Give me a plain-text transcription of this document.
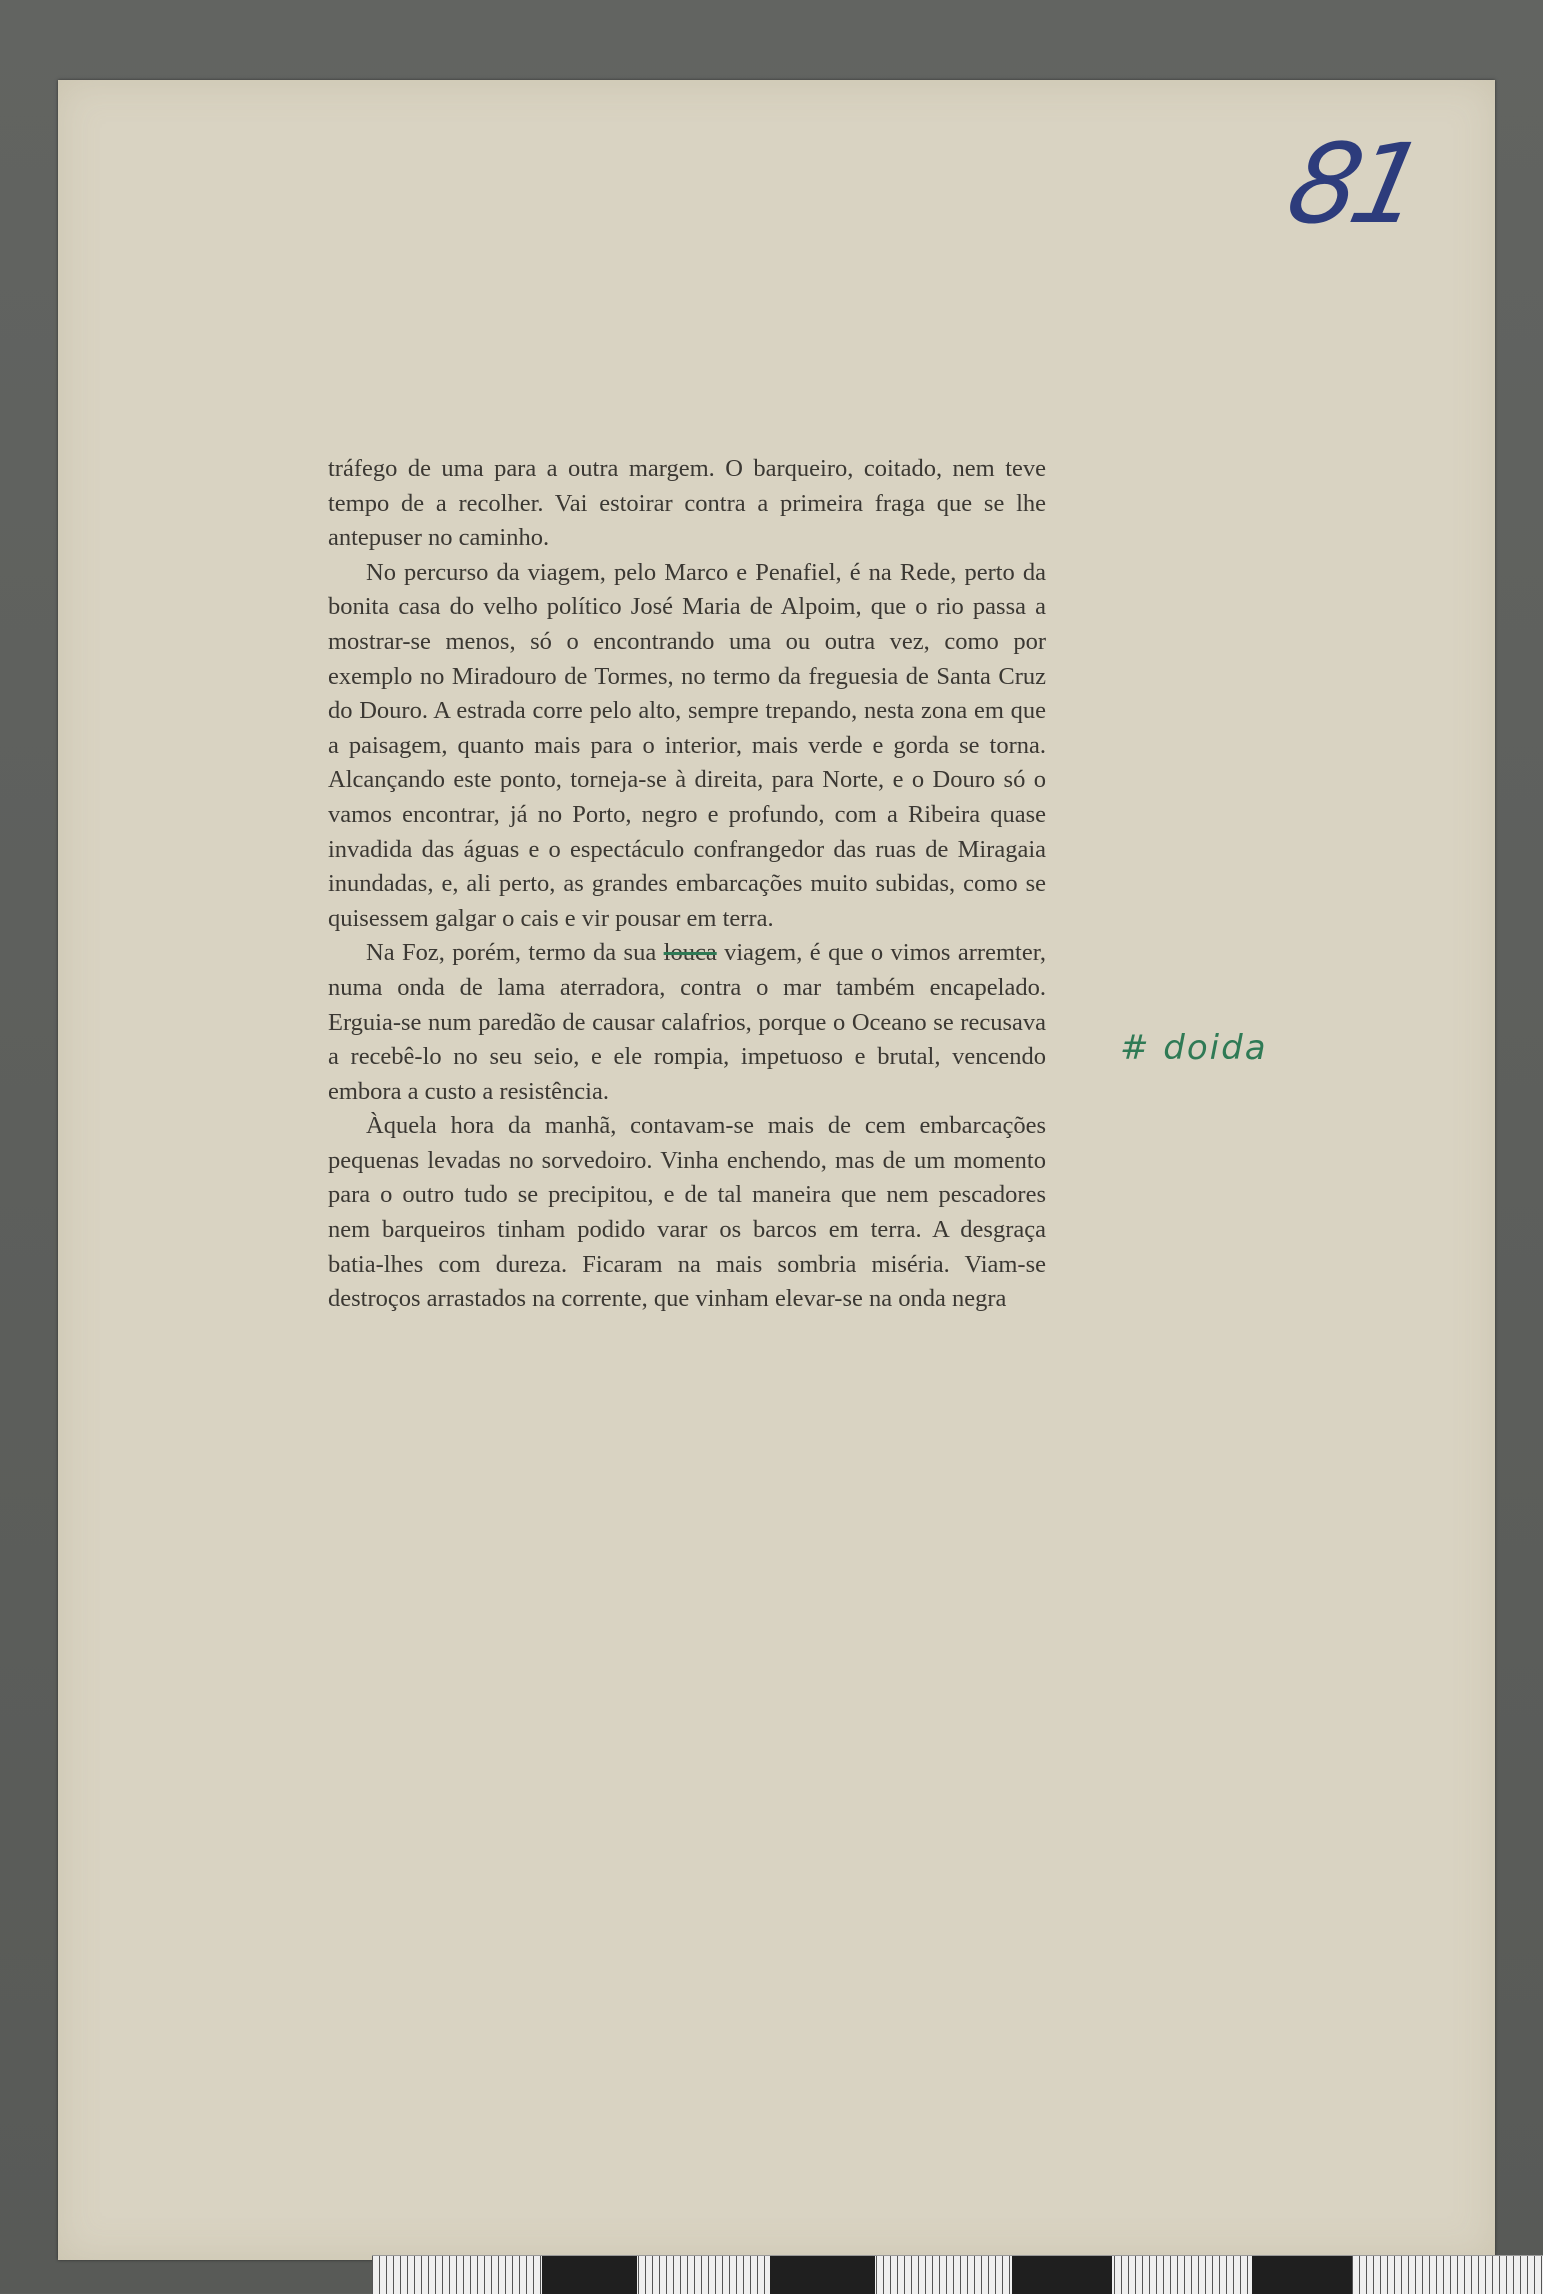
81

tráfego de uma para a outra margem. O barqueiro, coitado, nem teve tempo de a recolher. Vai estoirar contra a primeira fraga que se lhe antepuser no caminho.

No percurso da viagem, pelo Marco e Penafiel, é na Rede, perto da bonita casa do velho político José Maria de Alpoim, que o rio passa a mostrar-se menos, só o encontrando uma ou outra vez, como por exemplo no Miradouro de Tormes, no termo da freguesia de Santa Cruz do Douro. A estrada corre pelo alto, sempre trepando, nesta zona em que a paisagem, quanto mais para o interior, mais verde e gorda se torna. Alcançando este ponto, torneja-se à direita, para Norte, e o Douro só o vamos encontrar, já no Porto, negro e profundo, com a Ribeira quase invadida das águas e o espectáculo confrangedor das ruas de Miragaia inundadas, e, ali perto, as grandes embarcações muito subidas, como se quisessem galgar o cais e vir pousar em terra.

Na Foz, porém, termo da sua louca viagem, é que o vimos arremter, numa onda de lama aterradora, contra o mar também encapelado. Erguia-se num paredão de causar calafrios, porque o Oceano se recusava a recebê-lo no seu seio, e ele rompia, impetuoso e brutal, vencendo embora a custo a resistência.

Àquela hora da manhã, contavam-se mais de cem embarcações pequenas levadas no sorvedoiro. Vinha enchendo, mas de um momento para o outro tudo se precipitou, e de tal maneira que nem pescadores nem barqueiros tinham podido varar os barcos em terra. A desgraça batia-lhes com dureza. Ficaram na mais sombria miséria. Viam-se destroços arrastados na corrente, que vinham elevar-se na onda negra

# doida
